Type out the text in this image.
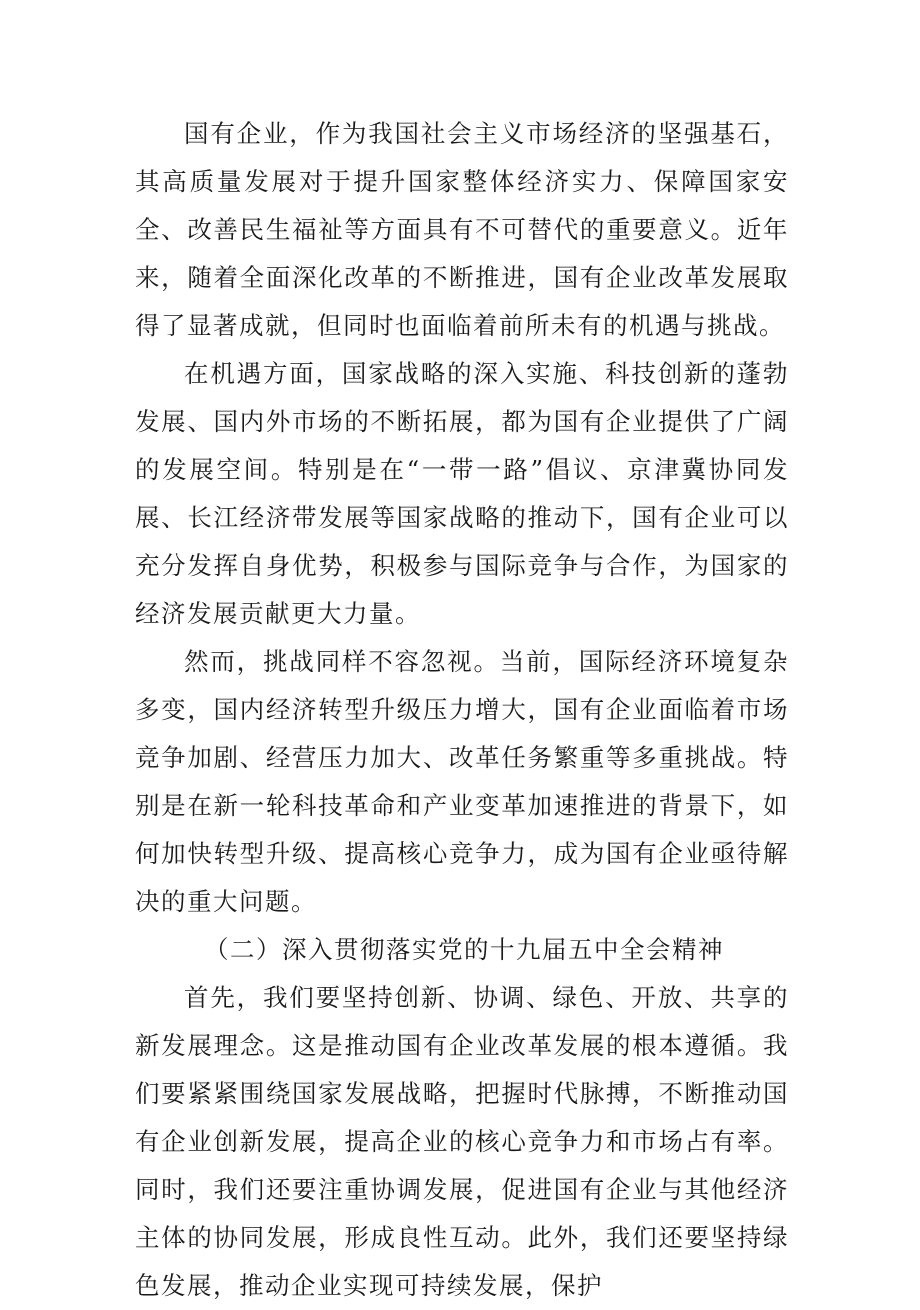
国有企业，作为我国社会主义市场经济的坚强基石，其高质量发展对于提升国家整体经济实力、保障国家安全、改善民生福祉等方面具有不可替代的重要意义。近年来，随着全面深化改革的不断推进，国有企业改革发展取得了显著成就，但同时也面临着前所未有的机遇与挑战。

在机遇方面，国家战略的深入实施、科技创新的蓬勃发展、国内外市场的不断拓展，都为国有企业提供了广阔的发展空间。特别是在“一带一路”倡议、京津冀协同发展、长江经济带发展等国家战略的推动下，国有企业可以充分发挥自身优势，积极参与国际竞争与合作，为国家的经济发展贡献更大力量。

然而，挑战同样不容忽视。当前，国际经济环境复杂多变，国内经济转型升级压力增大，国有企业面临着市场竞争加剧、经营压力加大、改革任务繁重等多重挑战。特别是在新一轮科技革命和产业变革加速推进的背景下，如何加快转型升级、提高核心竞争力，成为国有企业亟待解决的重大问题。

（二）深入贯彻落实党的十九届五中全会精神

首先，我们要坚持创新、协调、绿色、开放、共享的新发展理念。这是推动国有企业改革发展的根本遵循。我们要紧紧围绕国家发展战略，把握时代脉搏，不断推动国有企业创新发展，提高企业的核心竞争力和市场占有率。同时，我们还要注重协调发展，促进国有企业与其他经济主体的协同发展，形成良性互动。此外，我们还要坚持绿色发展，推动企业实现可持续发展，保护
